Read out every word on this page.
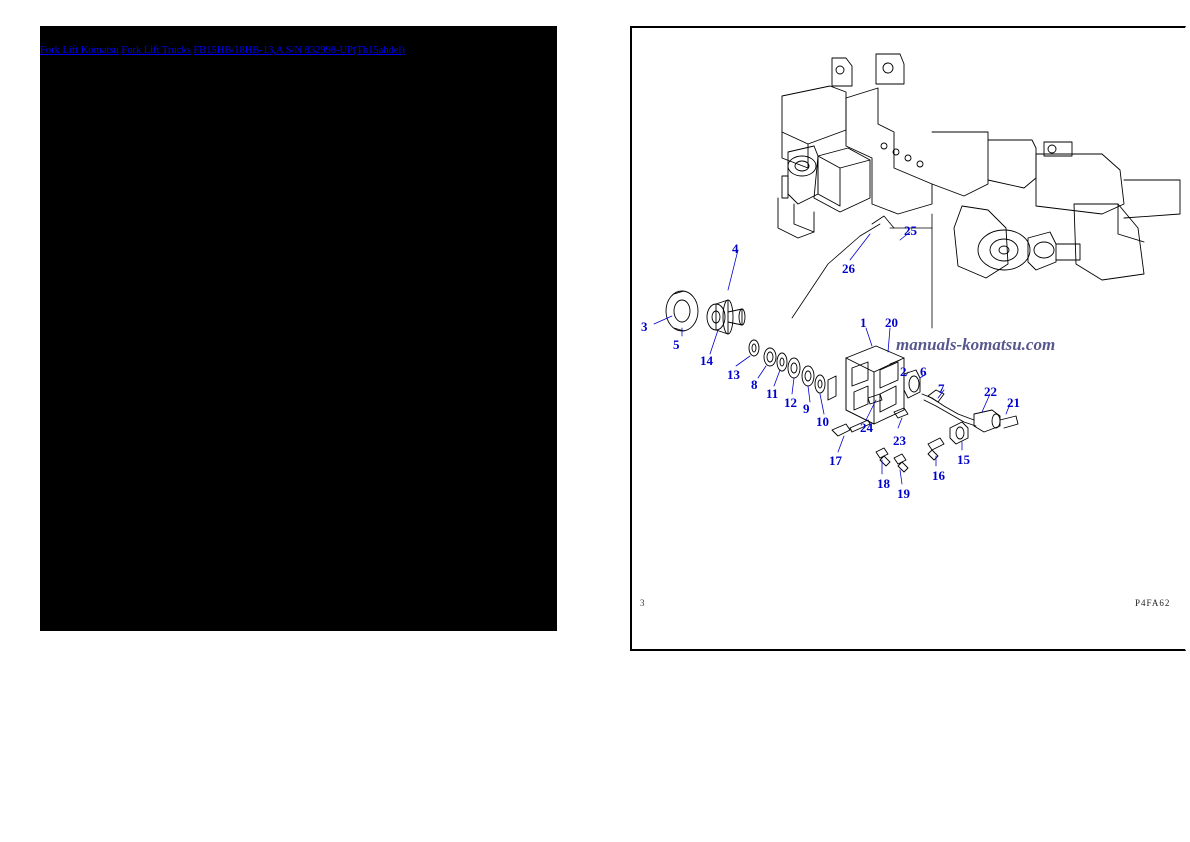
Fork Lift Komatsu Fork Lift Trucks FB15HB/18HB-13,A S/N 832998-UP(Th15ahdel)
4
3
5
14
13
8
11
12 9
10
1 20
2 6
7	22
21
24
23
17
18
19
16
15
25
26
manuals-komatsu.com
P4FA62
3
